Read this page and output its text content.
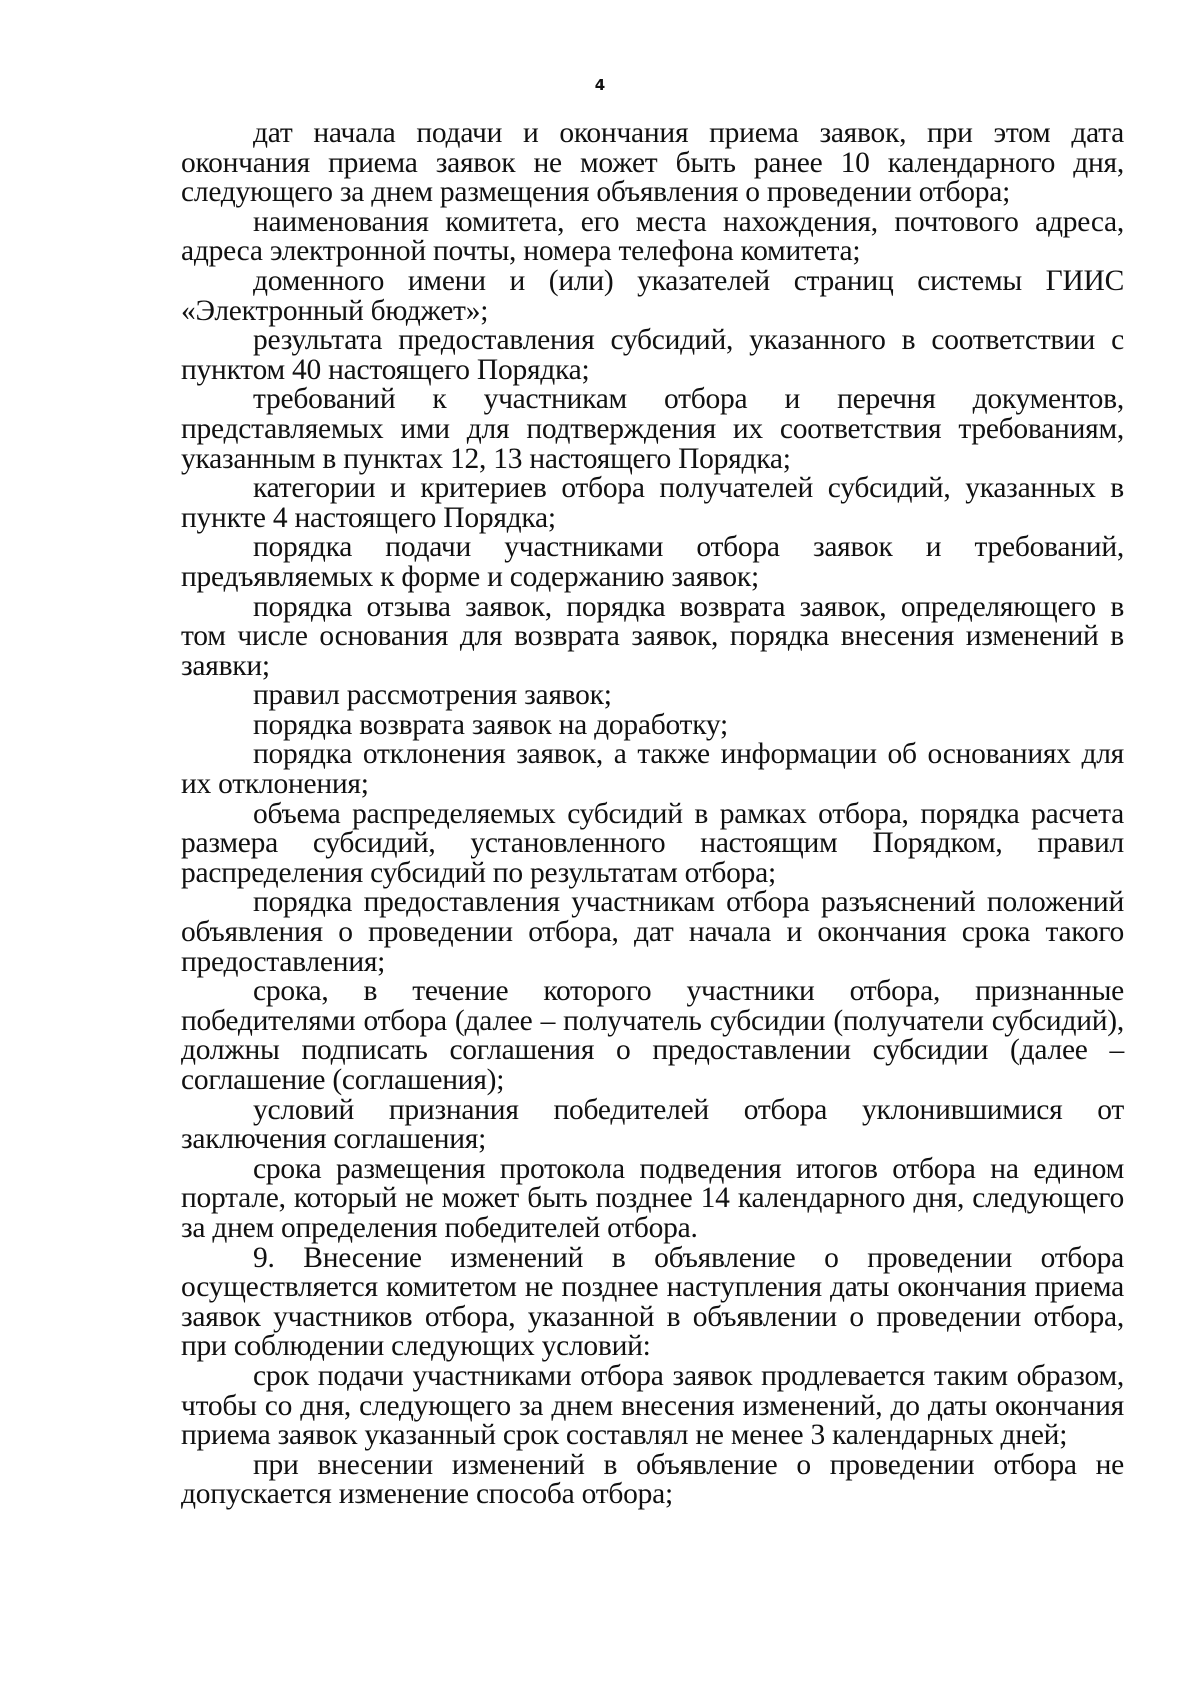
4

дат начала подачи и окончания приема заявок, при этом дата окончания приема заявок не может быть ранее 10 календарного дня, следующего за днем размещения объявления о проведении отбора;

наименования комитета, его места нахождения, почтового адреса, адреса электронной почты, номера телефона комитета;

доменного имени и (или) указателей страниц системы ГИИС «Электронный бюджет»;

результата предоставления субсидий, указанного в соответствии с пунктом 40 настоящего Порядка;

требований к участникам отбора и перечня документов, представляемых ими для подтверждения их соответствия требованиям, указанным в пунктах 12, 13 настоящего Порядка;

категории и критериев отбора получателей субсидий, указанных в пункте 4 настоящего Порядка;

порядка подачи участниками отбора заявок и требований, предъявляемых к форме и содержанию заявок;

порядка отзыва заявок, порядка возврата заявок, определяющего в том числе основания для возврата заявок, порядка внесения изменений в заявки;

правил рассмотрения заявок;

порядка возврата заявок на доработку;

порядка отклонения заявок, а также информации об основаниях для их отклонения;

объема распределяемых субсидий в рамках отбора, порядка расчета размера субсидий, установленного настоящим Порядком, правил распределения субсидий по результатам отбора;

порядка предоставления участникам отбора разъяснений положений объявления о проведении отбора, дат начала и окончания срока такого предоставления;

срока, в течение которого участники отбора, признанные победителями отбора (далее – получатель субсидии (получатели субсидий), должны подписать соглашения о предоставлении субсидии (далее – соглашение (соглашения);

условий признания победителей отбора уклонившимися от заключения соглашения;

срока размещения протокола подведения итогов отбора на едином портале, который не может быть позднее 14 календарного дня, следующего за днем определения победителей отбора.

9. Внесение изменений в объявление о проведении отбора осуществляется комитетом не позднее наступления даты окончания приема заявок участников отбора, указанной в объявлении о проведении отбора, при соблюдении следующих условий:

срок подачи участниками отбора заявок продлевается таким образом, чтобы со дня, следующего за днем внесения изменений, до даты окончания приема заявок указанный срок составлял не менее 3 календарных дней;

при внесении изменений в объявление о проведении отбора не допускается изменение способа отбора;
